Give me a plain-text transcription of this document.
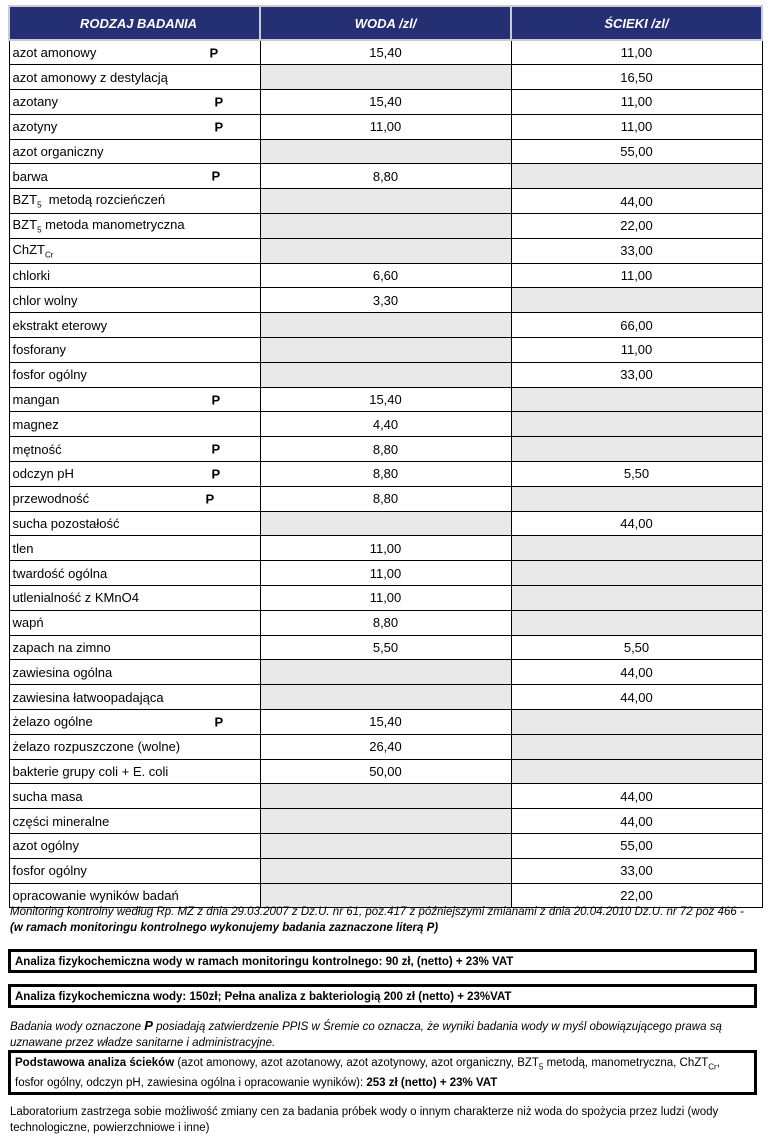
RODZAJ BADANIA	WODA /zl/	ŚCIEKI /zl/
azot amonowy P	15,40	11,00
azot amonowy z destylacją		16,50
azotany P	15,40	11,00
azotyny P	11,00	11,00
azot organiczny		55,00
barwa P	8,80	
$BZT_5$  metodą rozcieńczeń		44,00
$BZT_5$ metoda manometryczna		22,00
ChZT$_{Cr}$		33,00
chlorki	6,60	11,00
chlor wolny	3,30	
ekstrakt eterowy		66,00
fosforany		11,00
fosfor ogólny		33,00
mangan P	15,40	
magnez	4,40	
mętność P	8,80	
odczyn pH P	8,80	5,50
przewodność P	8,80	
sucha pozostałość		44,00
tlen	11,00	
twardość ogólna	11,00	
utlenialność z KMnO4	11,00	
wapń	8,80	
zapach na zimno	5,50	5,50
zawiesina ogólna		44,00
zawiesina łatwoopadająca		44,00
żelazo ogólne P	15,40	
żelazo rozpuszczone (wolne)	26,40	
bakterie grupy coli + E. coli	50,00	
sucha masa		44,00
części mineralne		44,00
azot ogólny		55,00
fosfor ogólny		33,00
opracowanie wyników badań		22,00
Monitoring kontrolny według Rp. MZ z dnia 29.03.2007 z Dz.U. nr 61, poz.417 z późniejszymi zmianami z dnia 20.04.2010 Dz.U. nr 72 poz 466 - (w ramach monitoringu kontrolnego wykonujemy badania zaznaczone literą P)
Analiza fizykochemiczna wody w ramach monitoringu kontrolnego: 90 zł, (netto) + 23% VAT
Analiza fizykochemiczna wody: 150zł; Pełna analiza z bakteriologią 200 zł (netto) + 23%VAT
Badania wody oznaczone P posiadają zatwierdzenie PPIS w Śremie co oznacza, że wyniki badania wody w myśl obowiązującego prawa są uznawane przez władze sanitarne i administracyjne.
Podstawowa analiza ścieków (azot amonowy, azot azotanowy, azot azotynowy, azot organiczny, $BZT_5$ metodą, manometryczna, ChZT$_{Cr}$, fosfor ogólny, odczyn pH, zawiesina ogólna i opracowanie wyników): 253 zł (netto) + 23% VAT
Laboratorium zastrzega sobie możliwość zmiany cen za badania próbek wody o innym charakterze niż woda do spożycia przez ludzi (wody technologiczne, powierzchniowe i inne)
